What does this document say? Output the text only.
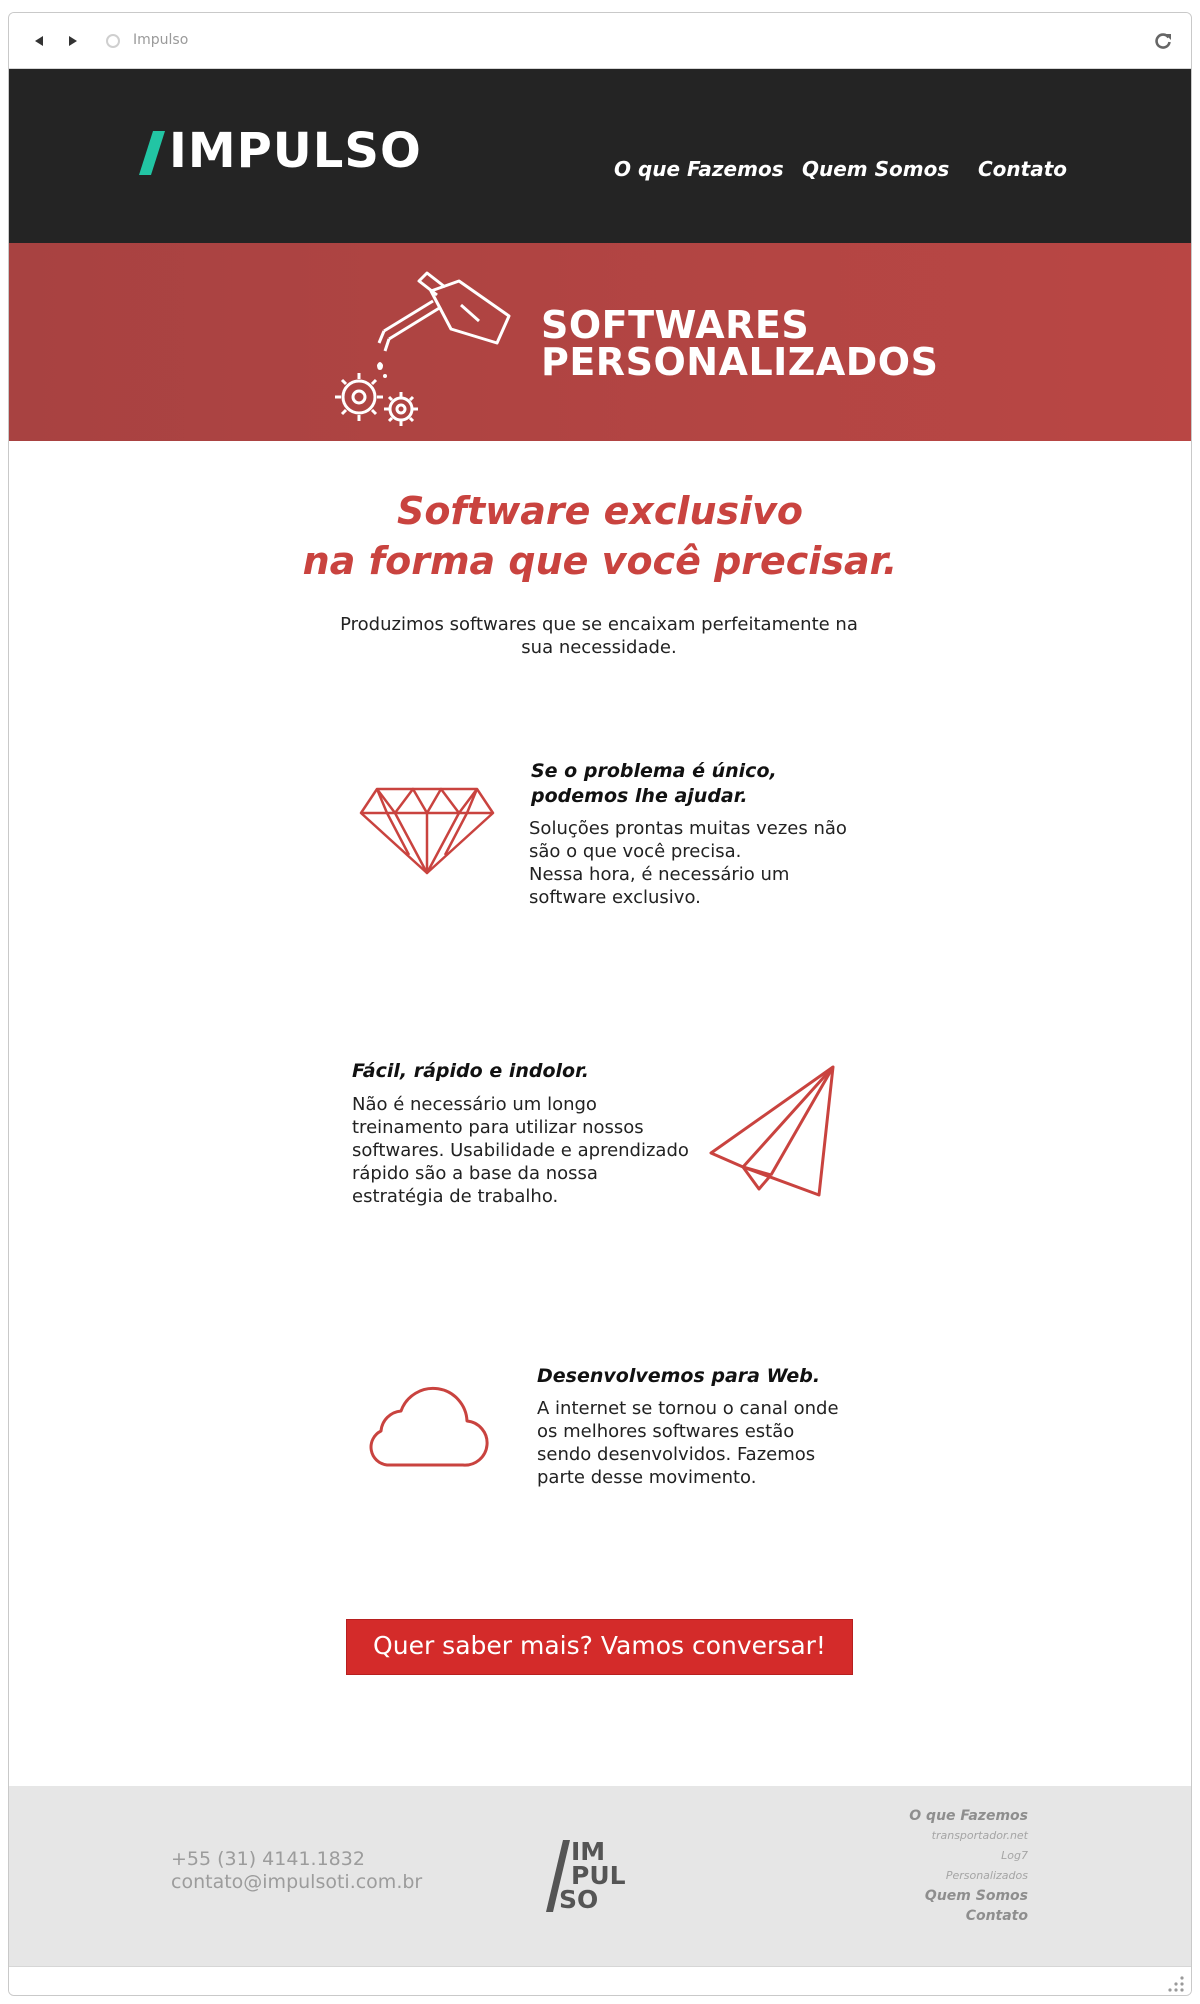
Impulso
IMPULSO	O que Fazemos Quem Somos Contato
SOFTWARES
PERSONALIZADOS
Software exclusivo
na forma que você precisar.
Produzimos softwares que se encaixam perfeitamente na sua necessidade.
Se o problema é único,
podemos lhe ajudar.
Soluções prontas muitas vezes não
são o que você precisa.
Nessa hora, é necessário um
software exclusivo.
Fácil, rápido e indolor.
Não é necessário um longo
treinamento para utilizar nossos
softwares. Usabilidade e aprendizado
rápido são a base da nossa
estratégia de trabalho.
Desenvolvemos para Web.
A internet se tornou o canal onde
os melhores softwares estão
sendo desenvolvidos. Fazemos
parte desse movimento.
Quer saber mais? Vamos conversar!
+55 (31) 4141.1832
contato@impulsoti.com.br
IM
PUL
SO
O que Fazemos
transportador.net
Log7
Personalizados
Quem Somos
Contato
